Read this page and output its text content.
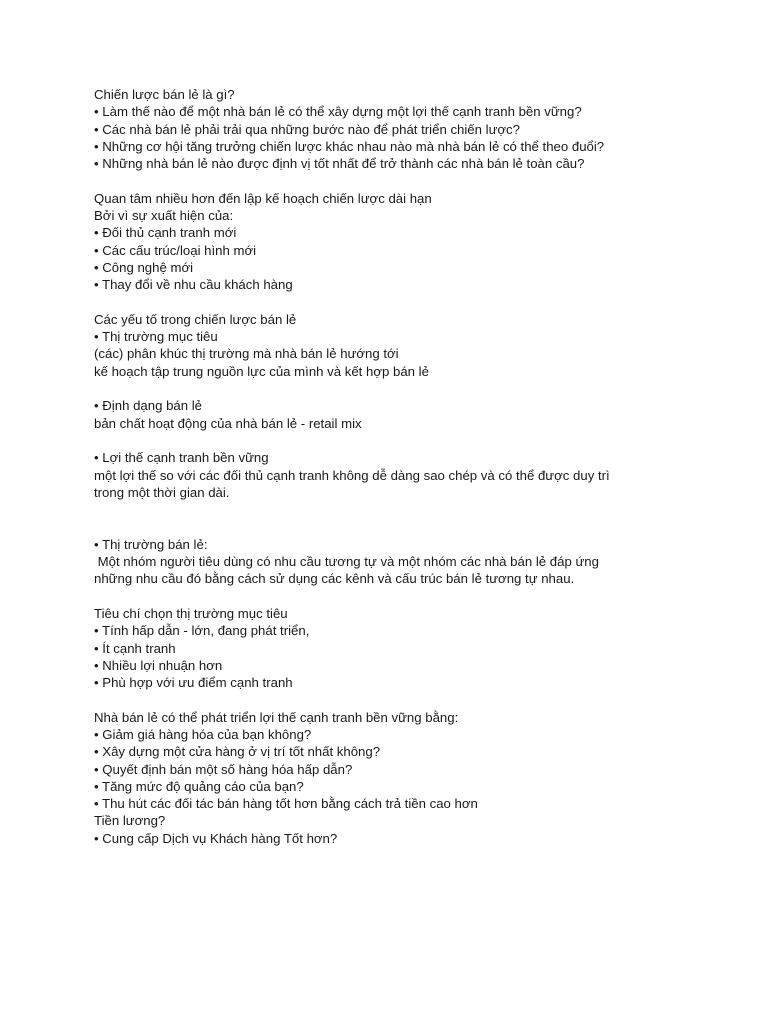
Chiến lược bán lẻ là gì?
• Làm thế nào để một nhà bán lẻ có thể xây dựng một lợi thế cạnh tranh bền vững?
• Các nhà bán lẻ phải trải qua những bước nào để phát triển chiến lược?
• Những cơ hội tăng trưởng chiến lược khác nhau nào mà nhà bán lẻ có thể theo đuổi?
• Những nhà bán lẻ nào được định vị tốt nhất để trở thành các nhà bán lẻ toàn cầu?
Quan tâm nhiều hơn đến lập kế hoạch chiến lược dài hạn
Bởi vì sự xuất hiện của:
• Đối thủ cạnh tranh mới
• Các cấu trúc/loại hình mới
• Công nghệ mới
• Thay đổi về nhu cầu khách hàng
Các yếu tố trong chiến lược bán lẻ
• Thị trường mục tiêu
(các) phân khúc thị trường mà nhà bán lẻ hướng tới
kế hoạch tập trung nguồn lực của mình và kết hợp bán lẻ
• Định dạng bán lẻ
bản chất hoạt động của nhà bán lẻ - retail mix
• Lợi thế cạnh tranh bền vững
một lợi thế so với các đối thủ cạnh tranh không dễ dàng sao chép và có thể được duy trì
trong một thời gian dài.
• Thị trường bán lẻ:
Một nhóm người tiêu dùng có nhu cầu tương tự và một nhóm các nhà bán lẻ đáp ứng
những nhu cầu đó bằng cách sử dụng các kênh và cấu trúc bán lẻ tương tự nhau.
Tiêu chí chọn thị trường mục tiêu
• Tính hấp dẫn - lớn, đang phát triển,
• Ít cạnh tranh
• Nhiều lợi nhuận hơn
• Phù hợp với ưu điểm cạnh tranh
Nhà bán lẻ có thể phát triển lợi thế cạnh tranh bền vững bằng:
• Giảm giá hàng hóa của bạn không?
• Xây dựng một cửa hàng ở vị trí tốt nhất không?
• Quyết định bán một số hàng hóa hấp dẫn?
• Tăng mức độ quảng cáo của bạn?
• Thu hút các đối tác bán hàng tốt hơn bằng cách trả tiền cao hơn
Tiền lương?
• Cung cấp Dịch vụ Khách hàng Tốt hơn?
